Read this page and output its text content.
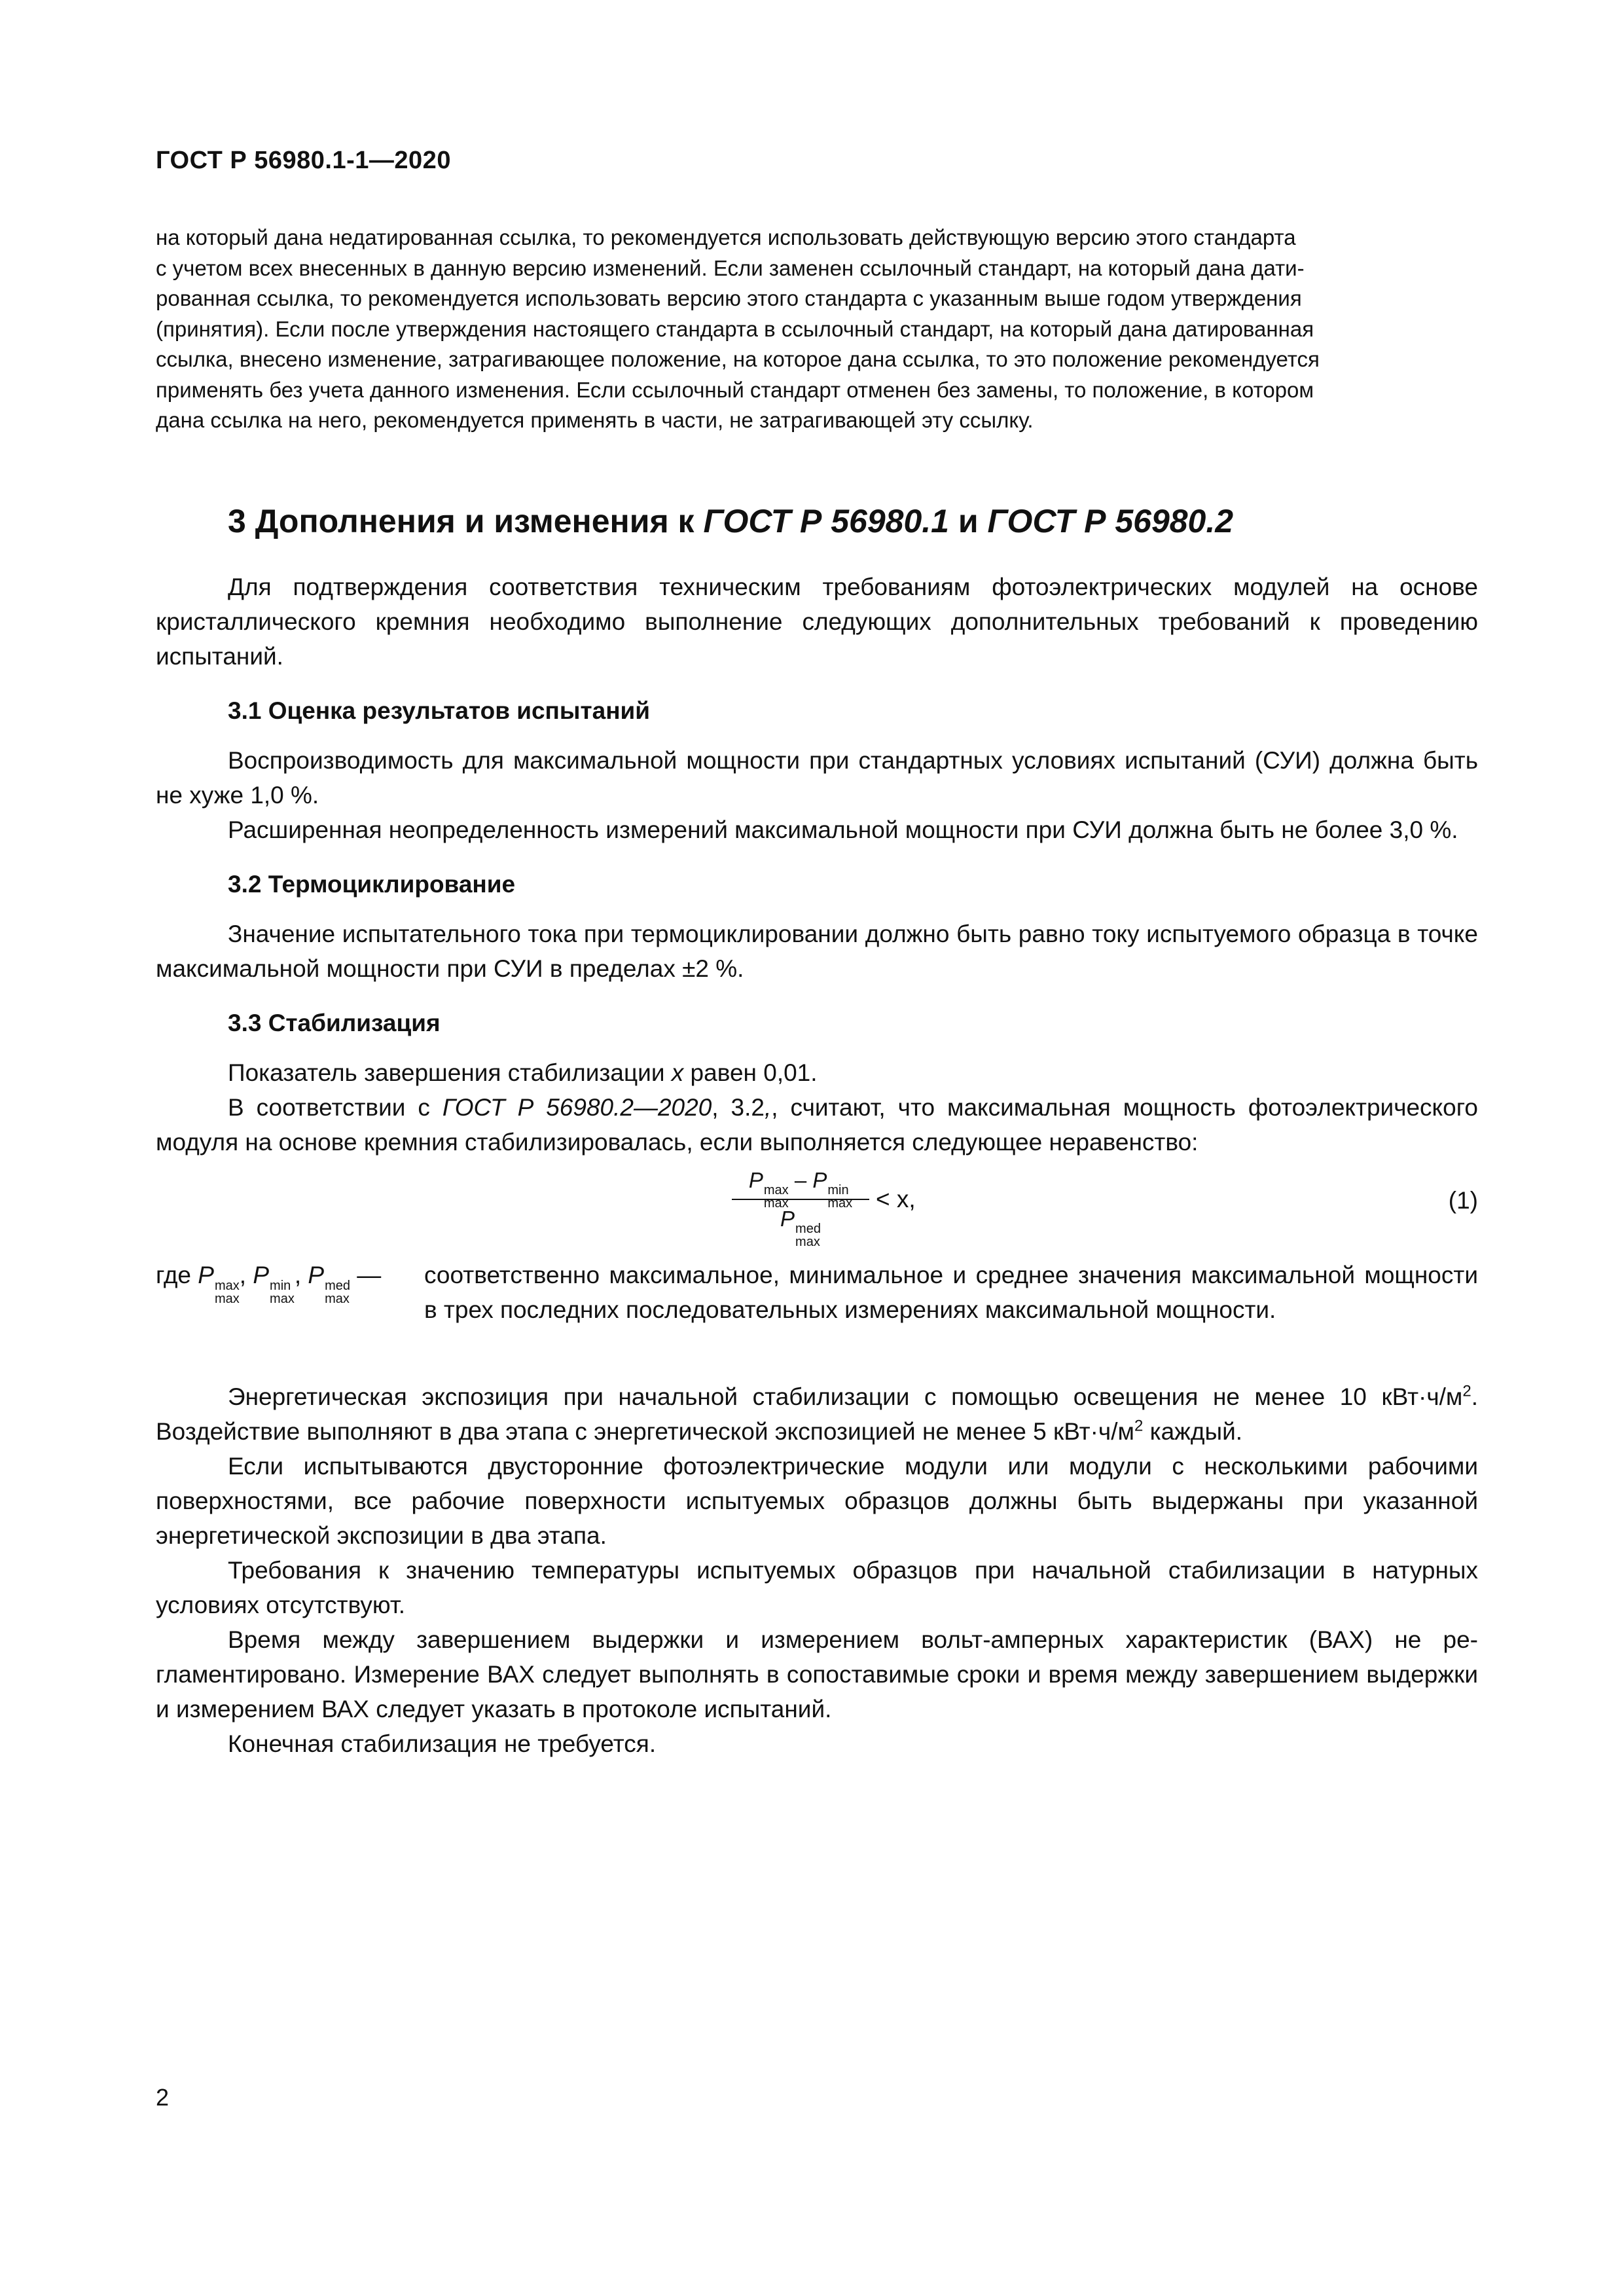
ГОСТ Р 56980.1-1—2020

на который дана недатированная ссылка, то рекомендуется использовать действующую версию этого стандарта

с учетом всех внесенных в данную версию изменений. Если заменен ссылочный стандарт, на который дана дати-

рованная ссылка, то рекомендуется использовать версию этого стандарта с указанным выше годом утверждения

(принятия). Если после утверждения настоящего стандарта в ссылочный стандарт, на который дана датированная

ссылка, внесено изменение, затрагивающее положение, на которое дана ссылка, то это положение рекомендуется

применять без учета данного изменения. Если ссылочный стандарт отменен без замены, то положение, в котором

дана ссылка на него, рекомендуется применять в части, не затрагивающей эту ссылку.

3 Дополнения и изменения к ГОСТ Р 56980.1 и ГОСТ Р 56980.2

Для подтверждения соответствия техническим требованиям фотоэлектрических модулей на основе кристаллического кремния необходимо выполнение следующих дополнительных требований к проведению испытаний.

3.1 Оценка результатов испытаний

Воспроизводимость для максимальной мощности при стандартных условиях испытаний (СУИ) должна быть не хуже 1,0 %.

Расширенная неопределенность измерений максимальной мощности при СУИ должна быть не более 3,0 %.

3.2 Термоциклирование

Значение испытательного тока при термоциклировании должно быть равно току испытуемого образца в точке максимальной мощности при СУИ в пределах ±2 %.

3.3 Стабилизация

Показатель завершения стабилизации x равен 0,01.

В соответствии с ГОСТ Р 56980.2—2020, 3.2,, считают, что максимальная мощность фотоэлектрического модуля на основе кремния стабилизировалась, если выполняется следующее неравенство:

P max
max
– P min
max
P med
max
< x,	(1)
где P max
max
, P min
max
, P med
max
— соответственно максимальное, минимальное и среднее значения максимальной мощности в трех последних последовательных измерениях максимальной мощности.

Энергетическая экспозиция при начальной стабилизации с помощью освещения не менее 10 $кВт\cdot ч/м^2$. Воздействие выполняют в два этапа с энергетической экспозицией не менее 5 $кВт\cdot ч/м^2$ каждый.

Если испытываются двусторонние фотоэлектрические модули или модули с несколькими рабочими поверхностями, все рабочие поверхности испытуемых образцов должны быть выдержаны при указанной энергетической экспозиции в два этапа.

Требования к значению температуры испытуемых образцов при начальной стабилизации в натурных условиях отсутствуют.

Время между завершением выдержки и измерением вольт-амперных характеристик (ВАХ) не регламентировано. Измерение ВАХ следует выполнять в сопоставимые сроки и время между завершением выдержки и измерением ВАХ следует указать в протоколе испытаний.

Конечная стабилизация не требуется.

2
